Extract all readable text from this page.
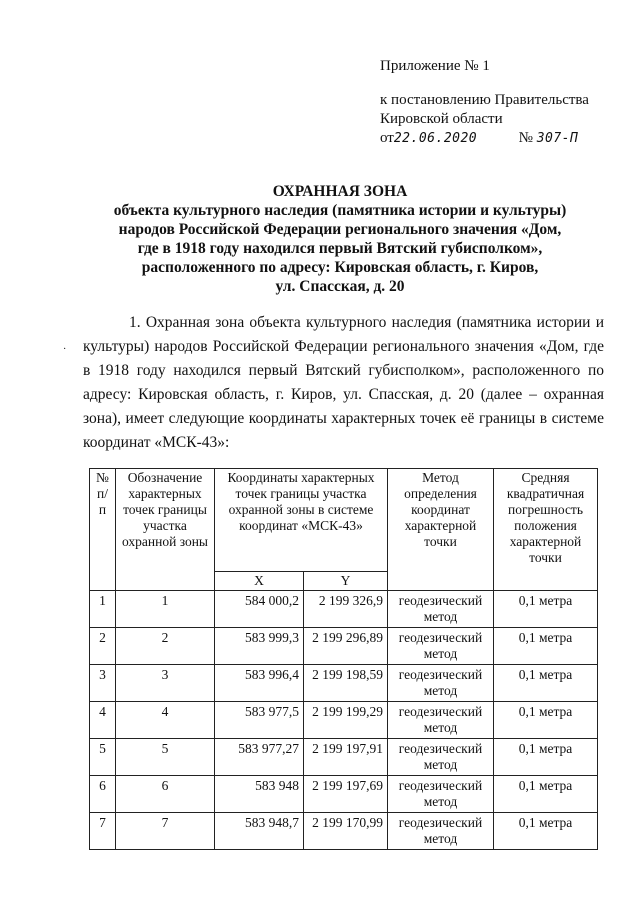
Приложение № 1
к постановлению Правительства
Кировской области
от22.06.2020	№ 307-П
ОХРАННАЯ ЗОНА
объекта культурного наследия (памятника истории и культуры)
народов Российской Федерации регионального значения «Дом,
где в 1918 году находился первый Вятский губисполком»,
расположенного по адресу: Кировская область, г. Киров,
ул. Спасская, д. 20
·
1. Охранная зона объекта культурного наследия (памятника истории и культуры) народов Российской Федерации регионального значения «Дом, где в 1918 году находился первый Вятский губисполком», расположенного по адресу: Кировская область, г. Киров, ул. Спасская, д. 20 (далее – охранная зона), имеет следующие координаты характерных точек её границы в системе координат «МСК-43»:
№ п/п	Обозначение характерных точек границы участка охранной зоны	Координаты характерных точек границы участка охранной зоны в системе координат «МСК-43»		Метод определения координат характерной точки	Средняя квадратичная погрешность положения характерной точки
		X	Y		
1	1	584 000,2	2 199 326,9	геодезический метод	0,1 метра
2	2	583 999,3	2 199 296,89	геодезический метод	0,1 метра
3	3	583 996,4	2 199 198,59	геодезический метод	0,1 метра
4	4	583 977,5	2 199 199,29	геодезический метод	0,1 метра
5	5	583 977,27	2 199 197,91	геодезический метод	0,1 метра
6	6	583 948	2 199 197,69	геодезический метод	0,1 метра
7	7	583 948,7	2 199 170,99	геодезический метод	0,1 метра
